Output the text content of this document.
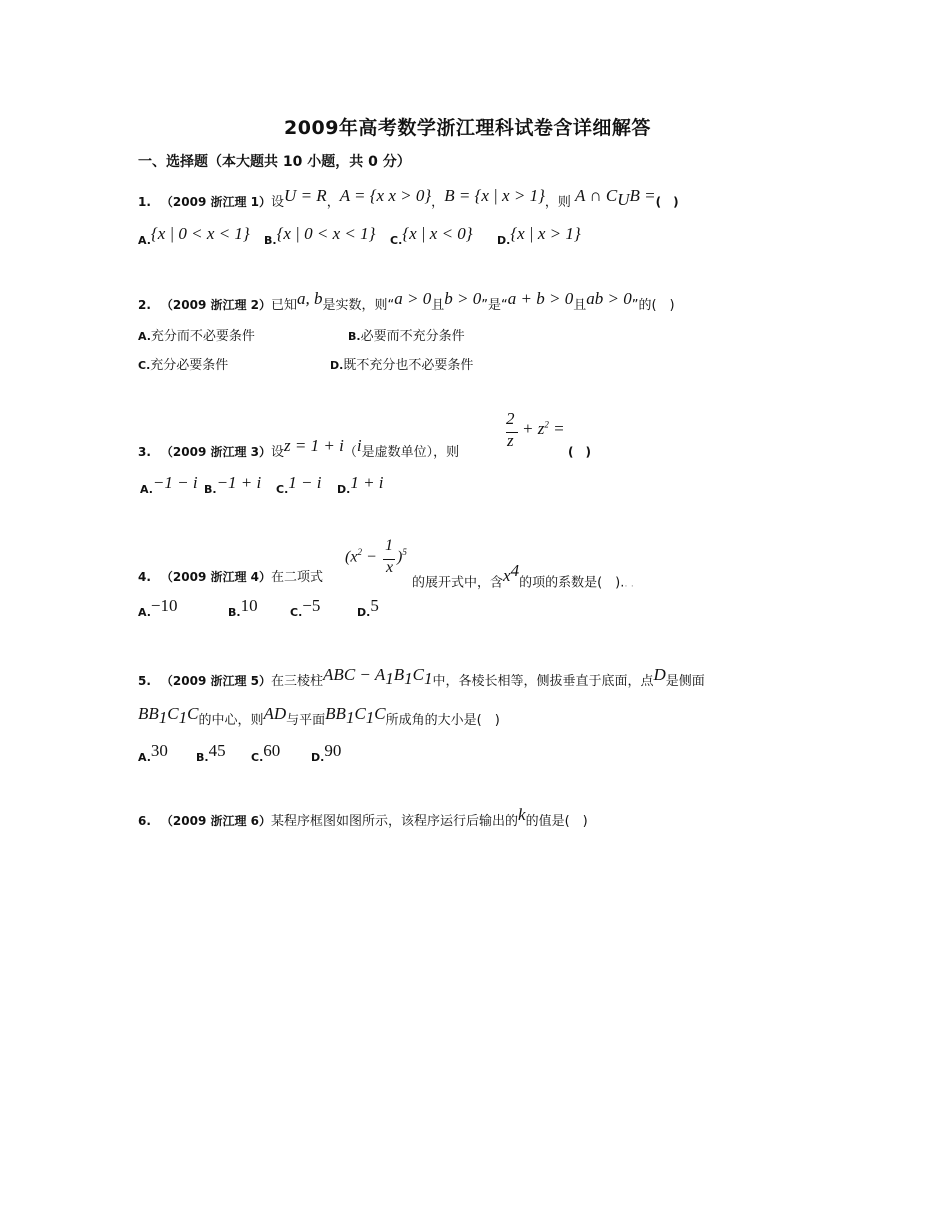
2009年高考数学浙江理科试卷含详细解答
一、选择题（本大题共 10 小题，共 0 分）
1. （2009 浙江理 1）设U = R，A = {x x > 0}，B = {x | x > 1}，则 A ∩ $C_UB$ =(　)
A.{x | 0 < x < 1} B.{x | 0 < x < 1} C.{x | x < 0} D.{x | x > 1}
2. （2009 浙江理 2）已知a, b是实数，则“a > 0且b > 0”是“a + b > 0且ab > 0”的(　)
A.充分而不必要条件	B.必要而不充分条件
C.充分必要条件	D.既不充分也不必要条件
3. （2009 浙江理 3）设z = 1 + i（i是虚数单位），则
2
z
+ $z^2$ =
(　)
A.−1 − i B.−1 + i C.1 − i D.1 + i
4. （2009 浙江理 4）在二项式
($x^2$ −
1
x
)$^5$
的展开式中，含$x^4$的项的系数是(　).. .
A.−10	B.10	C.−5	D.5
5. （2009 浙江理 5）在三棱柱ABC − $A_1B_1C_1$中，各棱长相等，侧拔垂直于底面，点D是侧面
$BB_1C_1C$的中心，则AD与平面$BB_1C_1C$所成角的大小是(　)
A.30	B.45 C.60	D.90
6. （2009 浙江理 6）某程序框图如图所示，该程序运行后输出的k的值是(　)
